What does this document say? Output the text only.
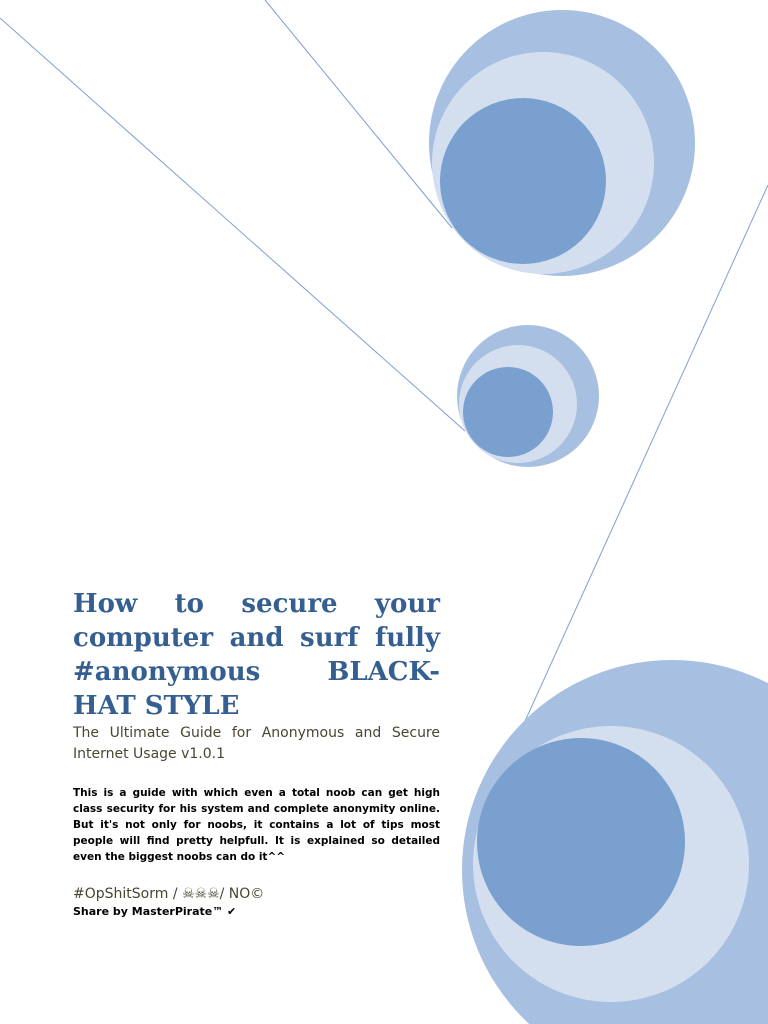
How to secure your computer and surf fully #anonymous BLACK-HAT STYLE

The Ultimate Guide for Anonymous and Secure Internet Usage v1.0.1

This is a guide with which even a total noob can get high class security for his system and complete anonymity online. But it's not only for noobs, it contains a lot of tips most people will find pretty helpfull. It is explained so detailed even the biggest noobs can do it^^

#OpShitSorm / ☠☠☠/ NO©

Share by MasterPirate™ ✔
